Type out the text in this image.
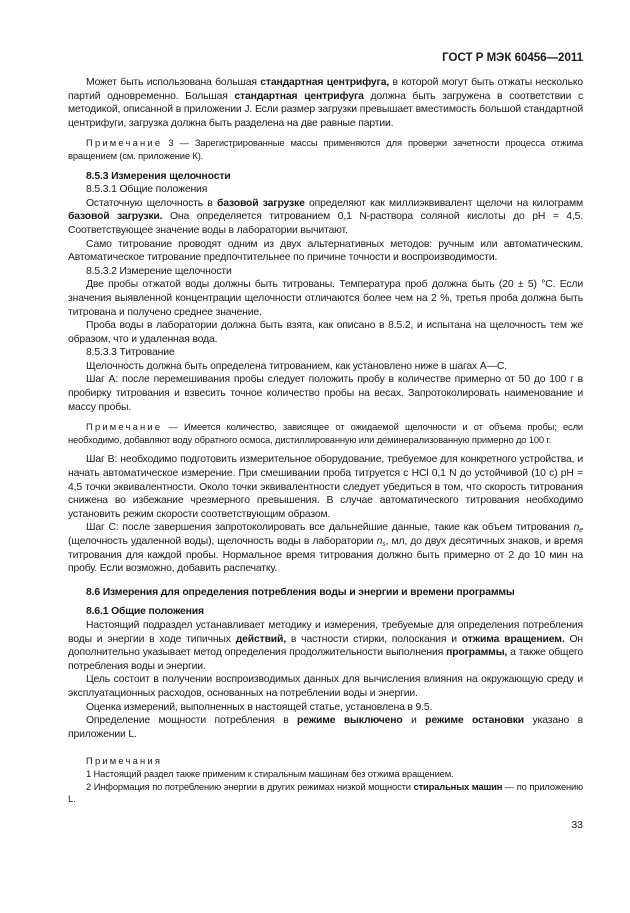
ГОСТ Р МЭК 60456—2011

Может быть использована большая стандартная центрифуга, в которой могут быть отжаты несколько партий одновременно. Большая стандартная центрифуга должна быть загружена в соответствии с методикой, описанной в приложении J. Если размер загрузки превышает вместимость большой стандартной центрифуги, загрузка должна быть разделена на две равные партии.

Примечание 3 — Зарегистрированные массы применяются для проверки зачетности процесса отжима вращением (см. приложение К).

8.5.3 Измерения щелочности

8.5.3.1 Общие положения

Остаточную щелочность в базовой загрузке определяют как миллиэквивалент щелочи на килограмм базовой загрузки. Она определяется титрованием 0,1 N-раствора соляной кислоты до pH = 4,5. Соответствующее значение воды в лаборатории вычитают.

Само титрование проводят одним из двух альтернативных методов: ручным или автоматическим. Автоматическое титрование предпочтительнее по причине точности и воспроизводимости.

8.5.3.2 Измерение щелочности

Две пробы отжатой воды должны быть титрованы. Температура проб должна быть (20 ± 5) °C. Если значения выявленной концентрации щелочности отличаются более чем на 2 %, третья проба должна быть титрована и получено среднее значение.

Проба воды в лаборатории должна быть взята, как описано в 8.5.2, и испытана на щелочность тем же образом, что и удаленная вода.

8.5.3.3 Титрование

Щелочность должна быть определена титрованием, как установлено ниже в шагах А—С.

Шаг А: после перемешивания пробы следует положить пробу в количестве примерно от 50 до 100 г в пробирку титрования и взвесить точное количество пробы на весах. Запротоколировать наименование и массу пробы.

Примечание — Имеется количество, зависящее от ожидаемой щелочности и от объема пробы; если необходимо, добавляют воду обратного осмоса, дистиллированную или деминерализованную примерно до 100 г.

Шаг В: необходимо подготовить измерительное оборудование, требуемое для конкретного устройства, и начать автоматическое измерение. При смешивании проба титруется с HCl 0,1 N до устойчивой (10 с) pH = 4,5 точки эквивалентности. Около точки эквивалентности следует убедиться в том, что скорость титрования снижена во избежание чрезмерного превышения. В случае автоматического титрования необходимо установить режим скорости соответствующим образом.

Шаг С: после завершения запротоколировать все дальнейшие данные, такие как объем титрования $n_e$ (щелочность удаленной воды), щелочность воды в лаборатории $n_s$, мл, до двух десятичных знаков, и время титрования для каждой пробы. Нормальное время титрования должно быть примерно от 2 до 10 мин на пробу. Если возможно, добавить распечатку.

8.6 Измерения для определения потребления воды и энергии и времени программы

8.6.1 Общие положения

Настоящий подраздел устанавливает методику и измерения, требуемые для определения потребления воды и энергии в ходе типичных действий, в частности стирки, полоскания и отжима вращением. Он дополнительно указывает метод определения продолжительности выполнения программы, а также общего потребления воды и энергии.

Цель состоит в получении воспроизводимых данных для вычисления влияния на окружающую среду и эксплуатационных расходов, основанных на потреблении воды и энергии.

Оценка измерений, выполненных в настоящей статье, установлена в 9.5.

Определение мощности потребления в режиме выключено и режиме остановки указано в приложении L.

Примечания

1 Настоящий раздел также применим к стиральным машинам без отжима вращением.

2 Информация по потреблению энергии в других режимах низкой мощности стиральных машин — по приложению L.

33
